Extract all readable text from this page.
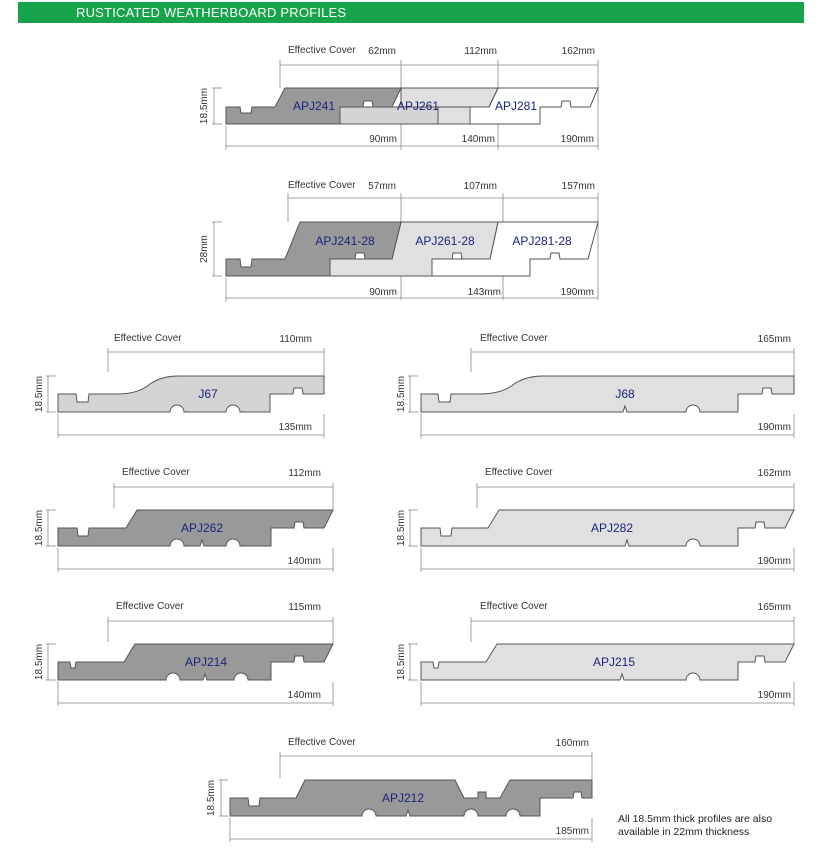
RUSTICATED WEATHERBOARD PROFILES
Effective Cover 62mm	112mm	162mm
18.5mm	APJ241	APJ261	APJ281
90mm	140mm	190mm
Effective Cover 57mm	107mm	157mm
28mm	APJ241-28	APJ261-28	APJ281-28
90mm	143mm	190mm
Effective Cover	110mm
18.5mm	J67
135mm
Effective Cover	165mm
18.5mm	J68
190mm
Effective Cover	112mm
18.5mm	APJ262
140mm
Effective Cover	162mm
18.5mm	APJ282
190mm
Effective Cover	115mm
18.5mm	APJ214
140mm
Effective Cover	165mm
18.5mm	APJ215
190mm
Effective Cover	160mm
18.5mm	APJ212
185mm
All 18.5mm thick profiles are also available in 22mm thickness
